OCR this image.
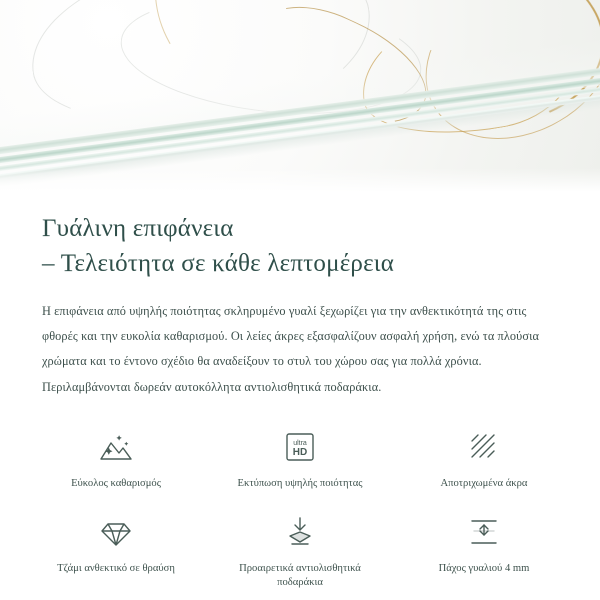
Γυάλινη επιφάνεια
– Τελειότητα σε κάθε λεπτομέρεια

Η επιφάνεια από υψηλής ποιότητας σκληρυμένο γυαλί ξεχωρίζει για την ανθεκτικότητά της στις φθορές και την ευκολία καθαρισμού. Οι λείες άκρες εξασφαλίζουν ασφαλή χρήση, ενώ τα πλούσια χρώματα και το έντονο σχέδιο θα αναδείξουν το στυλ του χώρου σας για πολλά χρόνια. Περιλαμβάνονται δωρεάν αυτοκόλλητα αντιολισθητικά ποδαράκια.

Εύκολος καθαρισμός
ultra
HD
Εκτύπωση υψηλής ποιότητας	Αποτριχωμένα άκρα
Τζάμι ανθεκτικό σε θραύση	Προαιρετικά αντιολισθητικά ποδαράκια
Πάχος γυαλιού 4 mm
